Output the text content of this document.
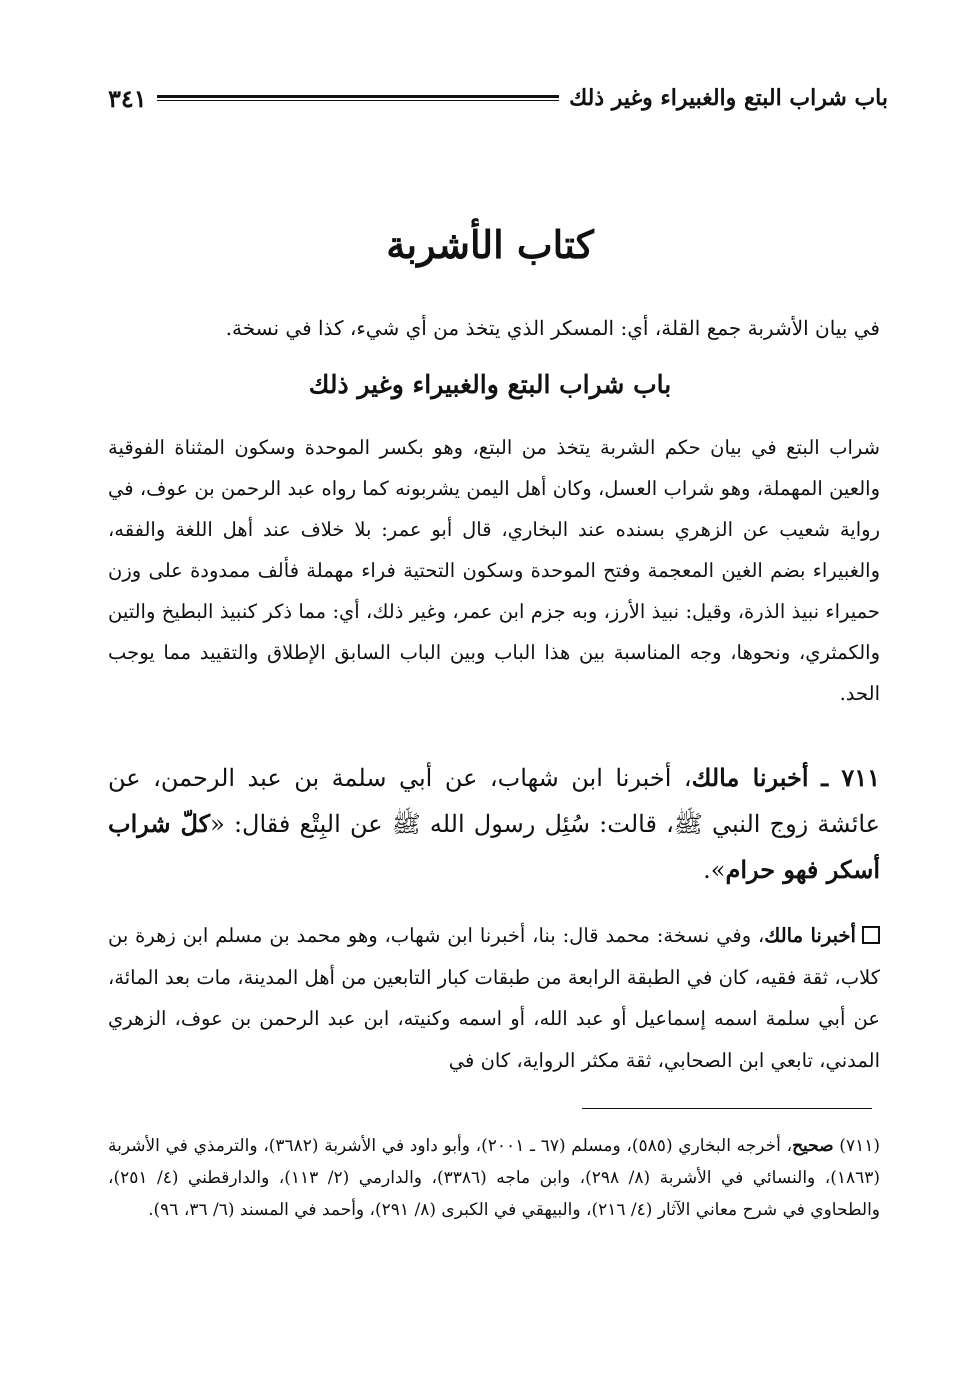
باب شراب البتع والغبيراء وغير ذلك
٣٤١
كتاب الأشربة
في بيان الأشربة جمع القلة، أي: المسكر الذي يتخذ من أي شيء، كذا في نسخة.
باب شراب البتع والغبيراء وغير ذلك
شراب البتع في بيان حكم الشربة يتخذ من البتع، وهو بكسر الموحدة وسكون المثناة الفوقية والعين المهملة، وهو شراب العسل، وكان أهل اليمن يشربونه كما رواه عبد الرحمن بن عوف، في رواية شعيب عن الزهري بسنده عند البخاري، قال أبو عمر: بلا خلاف عند أهل اللغة والفقه، والغبيراء بضم الغين المعجمة وفتح الموحدة وسكون التحتية فراء مهملة فألف ممدودة على وزن حميراء نبيذ الذرة، وقيل: نبيذ الأرز، وبه جزم ابن عمر، وغير ذلك، أي: مما ذكر كنبيذ البطيخ والتين والكمثري، ونحوها، وجه المناسبة بين هذا الباب وبين الباب السابق الإطلاق والتقييد مما يوجب الحد.
٧١١ ـ أخبرنا مالك، أخبرنا ابن شهاب، عن أبي سلمة بن عبد الرحمن، عن عائشة زوج النبي ﷺ، قالت: سُئِل رسول الله ﷺ عن البِتْع فقال: «كلّ شراب أسكر فهو حرام».
أخبرنا مالك، وفي نسخة: محمد قال: بنا، أخبرنا ابن شهاب، وهو محمد بن مسلم ابن زهرة بن كلاب، ثقة فقيه، كان في الطبقة الرابعة من طبقات كبار التابعين من أهل المدينة، مات بعد المائة، عن أبي سلمة اسمه إسماعيل أو عبد الله، أو اسمه وكنيته، ابن عبد الرحمن بن عوف، الزهري المدني، تابعي ابن الصحابي، ثقة مكثر الرواية، كان في
(٧١١) صحيح، أخرجه البخاري (٥٨٥)، ومسلم (٦٧ ـ ٢٠٠١)، وأبو داود في الأشربة (٣٦٨٢)، والترمذي في الأشربة (١٨٦٣)، والنسائي في الأشربة (٨/ ٢٩٨)، وابن ماجه (٣٣٨٦)، والدارمي (٢/ ١١٣)، والدارقطني (٤/ ٢٥١)، والطحاوي في شرح معاني الآثار (٤/ ٢١٦)، والبيهقي في الكبرى (٨/ ٢٩١)، وأحمد في المسند (٦/ ٣٦، ٩٦).
